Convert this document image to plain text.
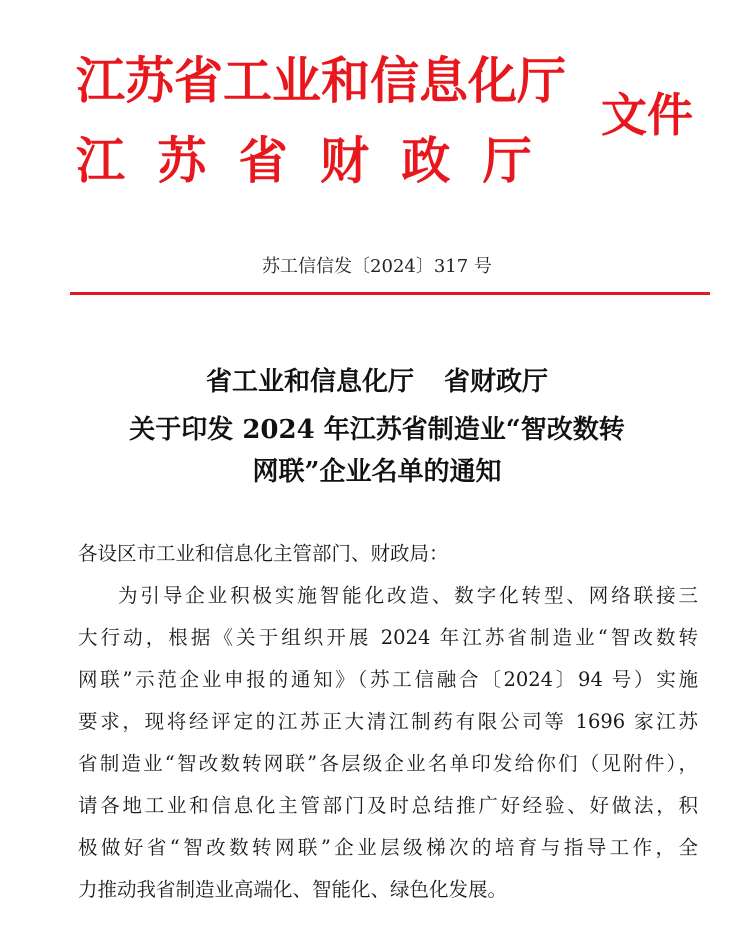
江苏省工业和信息化厅
江苏省财政厅
文件
苏工信信发〔2024〕317 号
省工业和信息化厅 省财政厅
关于印发 2024 年江苏省制造业“智改数转
网联”企业名单的通知
各设区市工业和信息化主管部门、财政局：
为引导企业积极实施智能化改造、数字化转型、网络联接三
大行动，根据《关于组织开展 2024 年江苏省制造业“智改数转
网联”示范企业申报的通知》（苏工信融合〔2024〕94 号）实施
要求，现将经评定的江苏正大清江制药有限公司等 1696 家江苏
省制造业“智改数转网联”各层级企业名单印发给你们（见附件），
请各地工业和信息化主管部门及时总结推广好经验、好做法，积
极做好省“智改数转网联”企业层级梯次的培育与指导工作，全
力推动我省制造业高端化、智能化、绿色化发展。
